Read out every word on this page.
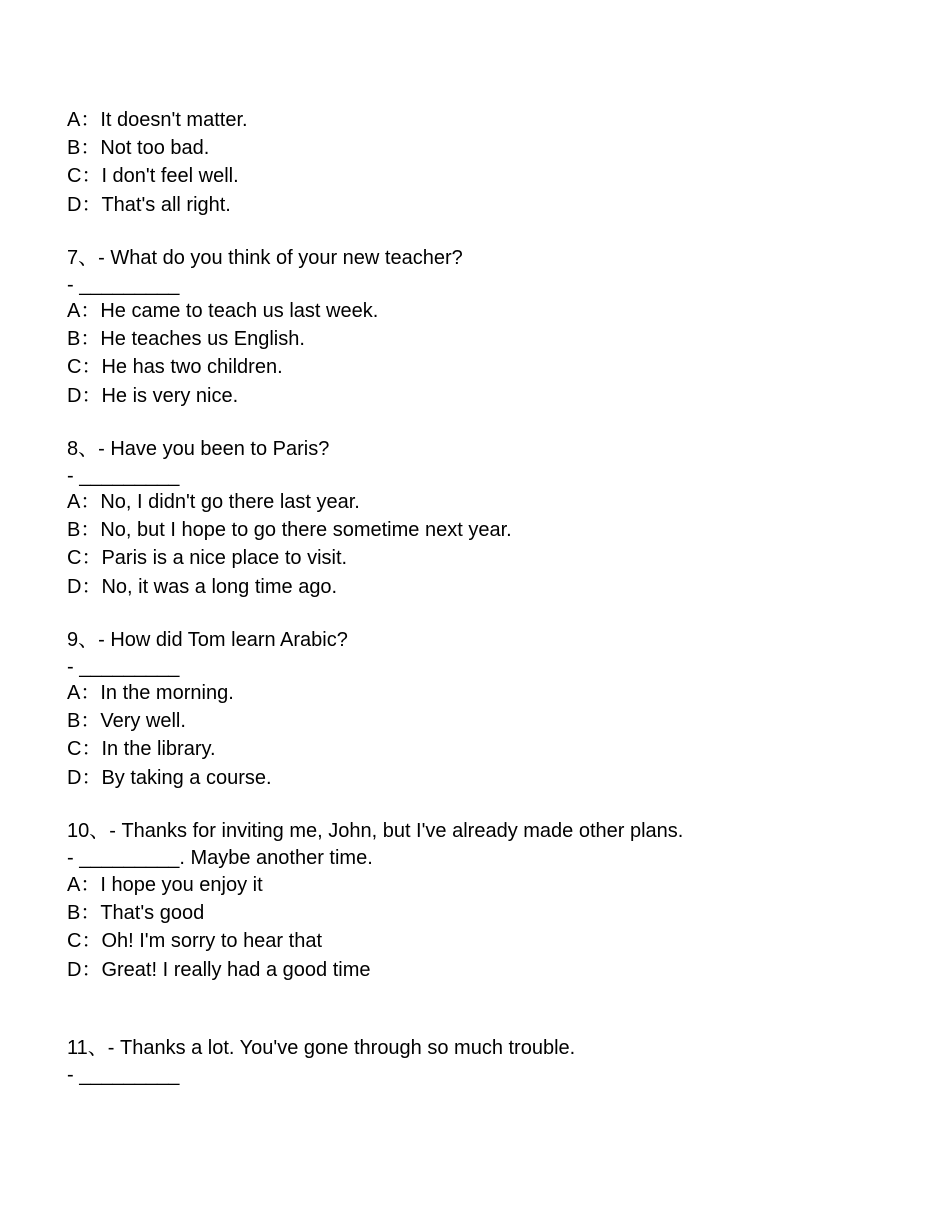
A：It doesn't matter.
B：Not too bad.
C：I don't feel well.
D：That's all right.
7、- What do you think of your new teacher?
- _________
A：He came to teach us last week.
B：He teaches us English.
C：He has two children.
D：He is very nice.
8、- Have you been to Paris?
- _________
A：No, I didn't go there last year.
B：No, but I hope to go there sometime next year.
C：Paris is a nice place to visit.
D：No, it was a long time ago.
9、- How did Tom learn Arabic?
- _________
A：In the morning.
B：Very well.
C：In the library.
D：By taking a course.
10、- Thanks for inviting me, John, but I've already made other plans.
- _________. Maybe another time.
A：I hope you enjoy it
B：That's good
C：Oh! I'm sorry to hear that
D：Great! I really had a good time
11、- Thanks a lot. You've gone through so much trouble.
- _________
